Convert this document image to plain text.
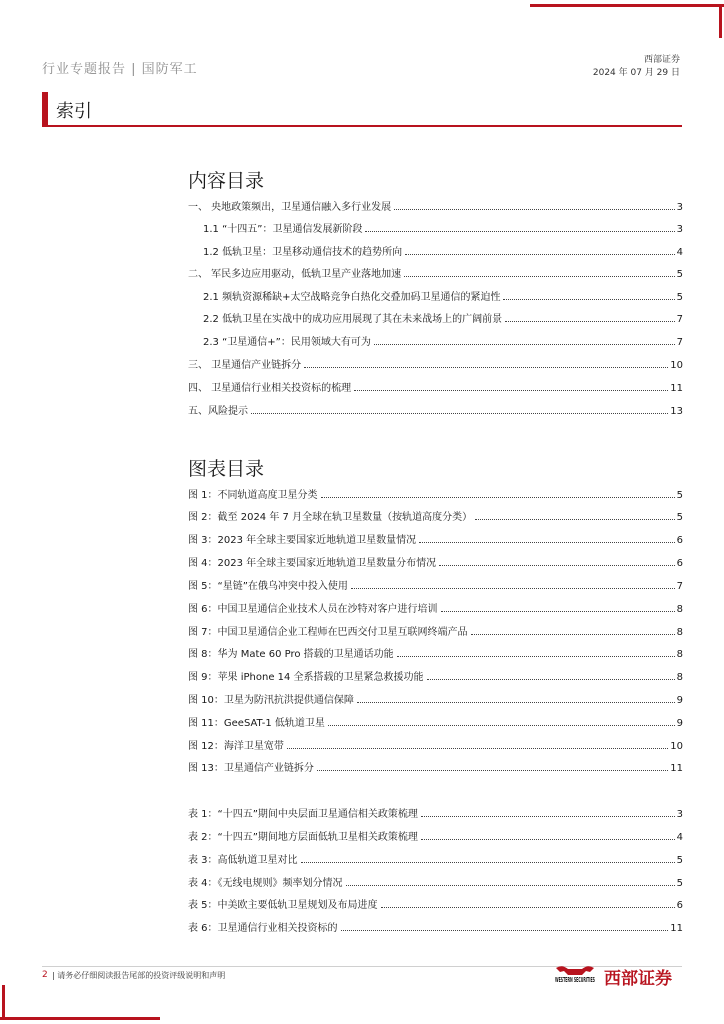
行业专题报告 | 国防军工
西部证券
2024 年 07 月 29 日
索引
内容目录
一、 央地政策频出，卫星通信融入多行业发展	3
1.1 “十四五”：卫星通信发展新阶段	3
1.2 低轨卫星：卫星移动通信技术的趋势所向	4
二、 军民多边应用驱动，低轨卫星产业落地加速	5
2.1 频轨资源稀缺+太空战略竞争白热化交叠加码卫星通信的紧迫性	5
2.2 低轨卫星在实战中的成功应用展现了其在未来战场上的广阔前景	7
2.3 “卫星通信+”：民用领域大有可为	7
三、 卫星通信产业链拆分	10
四、 卫星通信行业相关投资标的梳理	11
五、风险提示	13
图表目录
图 1：不同轨道高度卫星分类	5
图 2：截至 2024 年 7 月全球在轨卫星数量（按轨道高度分类）	5
图 3：2023 年全球主要国家近地轨道卫星数量情况	6
图 4：2023 年全球主要国家近地轨道卫星数量分布情况	6
图 5：“星链”在俄乌冲突中投入使用	7
图 6：中国卫星通信企业技术人员在沙特对客户进行培训	8
图 7：中国卫星通信企业工程师在巴西交付卫星互联网终端产品	8
图 8：华为 Mate 60 Pro 搭载的卫星通话功能	8
图 9：苹果 iPhone 14 全系搭载的卫星紧急救援功能	8
图 10：卫星为防汛抗洪提供通信保障	9
图 11：GeeSAT-1 低轨道卫星	9
图 12：海洋卫星宽带	10
图 13：卫星通信产业链拆分	11
表 1：“十四五”期间中央层面卫星通信相关政策梳理	3
表 2：“十四五”期间地方层面低轨卫星相关政策梳理	4
表 3：高低轨道卫星对比	5
表 4：《无线电规则》频率划分情况	5
表 5：中美欧主要低轨卫星规划及布局进度	6
表 6：卫星通信行业相关投资标的	11
2 | 请务必仔细阅读报告尾部的投资评级说明和声明	WESTERN SECURITIES 西部证券
